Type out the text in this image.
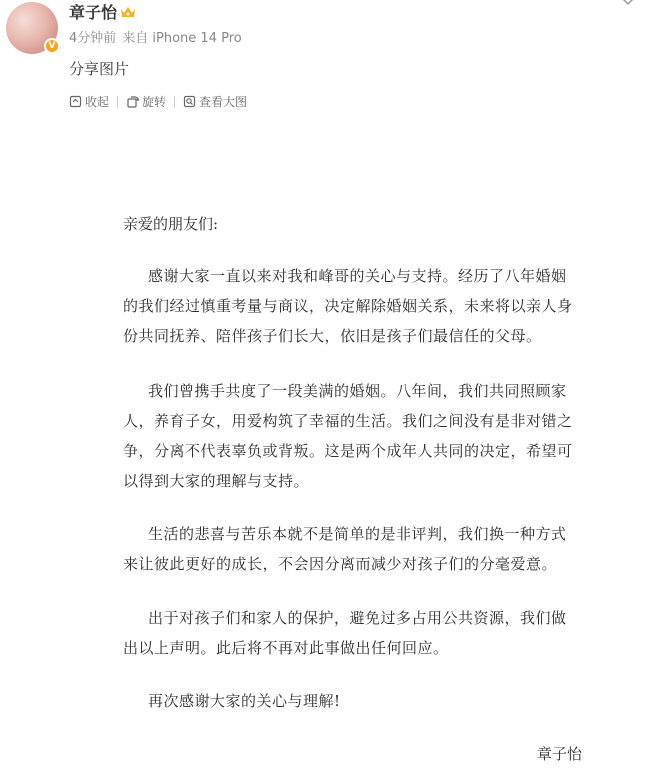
V
章子怡
4分钟前 来自 iPhone 14 Pro
分享图片
收起	旋转	查看大图
亲爱的朋友们:
感谢大家一直以来对我和峰哥的关心与支持。经历了八年婚姻
的我们经过慎重考量与商议，决定解除婚姻关系，未来将以亲人身
份共同抚养、陪伴孩子们长大，依旧是孩子们最信任的父母。
我们曾携手共度了一段美满的婚姻。八年间，我们共同照顾家
人，养育子女，用爱构筑了幸福的生活。我们之间没有是非对错之
争，分离不代表辜负或背叛。这是两个成年人共同的决定，希望可
以得到大家的理解与支持。
生活的悲喜与苦乐本就不是简单的是非评判，我们换一种方式
来让彼此更好的成长，不会因分离而减少对孩子们的分毫爱意。
出于对孩子们和家人的保护，避免过多占用公共资源，我们做
出以上声明。此后将不再对此事做出任何回应。
再次感谢大家的关心与理解!
章子怡
